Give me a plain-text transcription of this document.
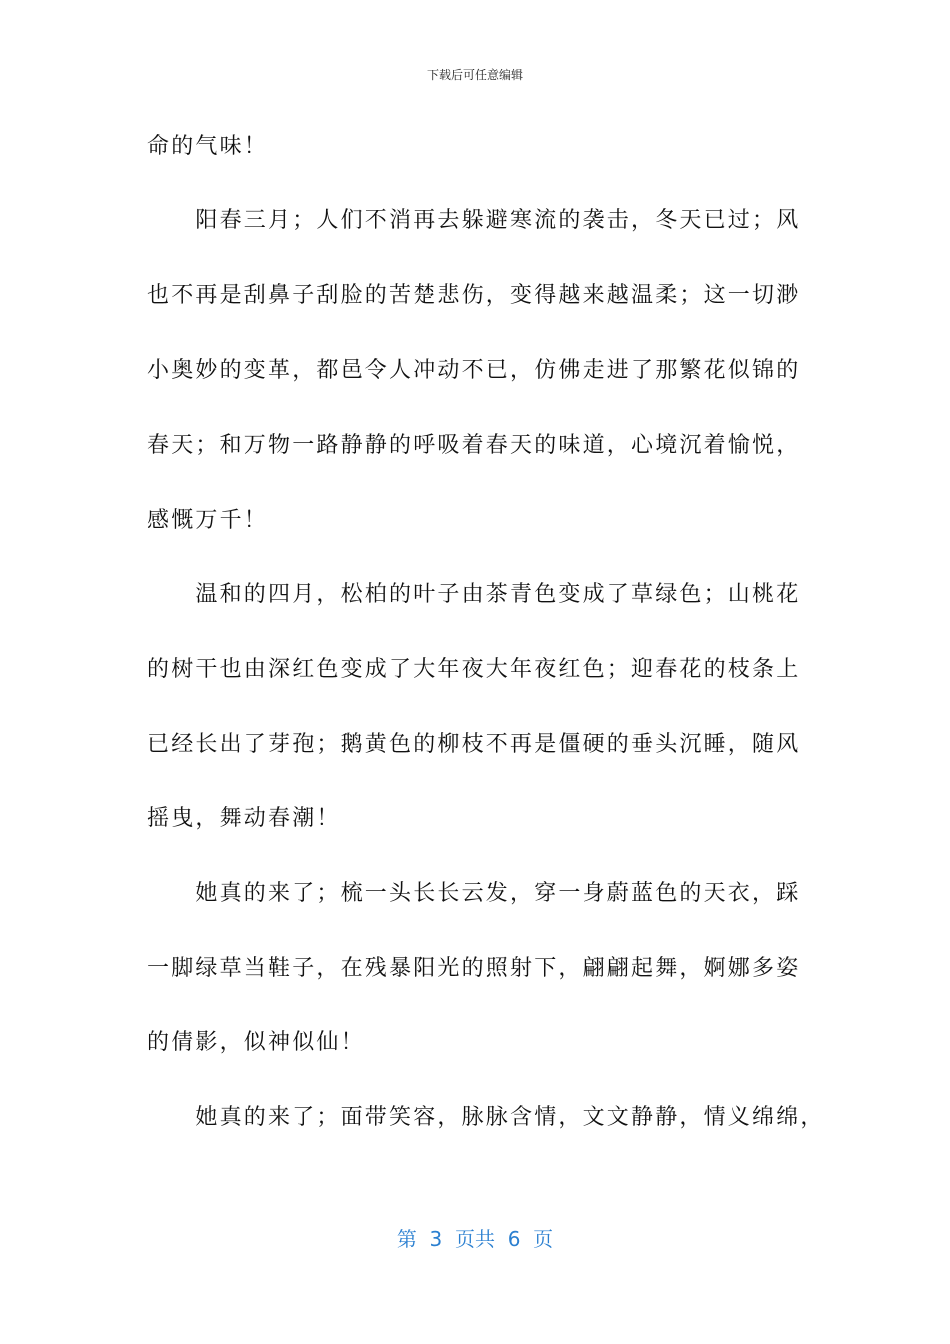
下载后可任意编辑
命的气味！
　　阳春三月；人们不消再去躲避寒流的袭击，冬天已过；风
也不再是刮鼻子刮脸的苦楚悲伤，变得越来越温柔；这一切渺
小奥妙的变革，都邑令人冲动不已，仿佛走进了那繁花似锦的
春天；和万物一路静静的呼吸着春天的味道，心境沉着愉悦，
感慨万千！
　　温和的四月，松柏的叶子由茶青色变成了草绿色；山桃花
的树干也由深红色变成了大年夜大年夜红色；迎春花的枝条上
已经长出了芽孢；鹅黄色的柳枝不再是僵硬的垂头沉睡，随风
摇曳，舞动春潮！
　　她真的来了；梳一头长长云发，穿一身蔚蓝色的天衣，踩
一脚绿草当鞋子，在残暴阳光的照射下，翩翩起舞，婀娜多姿
的倩影，似神似仙！
　　她真的来了；面带笑容，脉脉含情，文文静静，情义绵绵，
第  3  页共  6  页
